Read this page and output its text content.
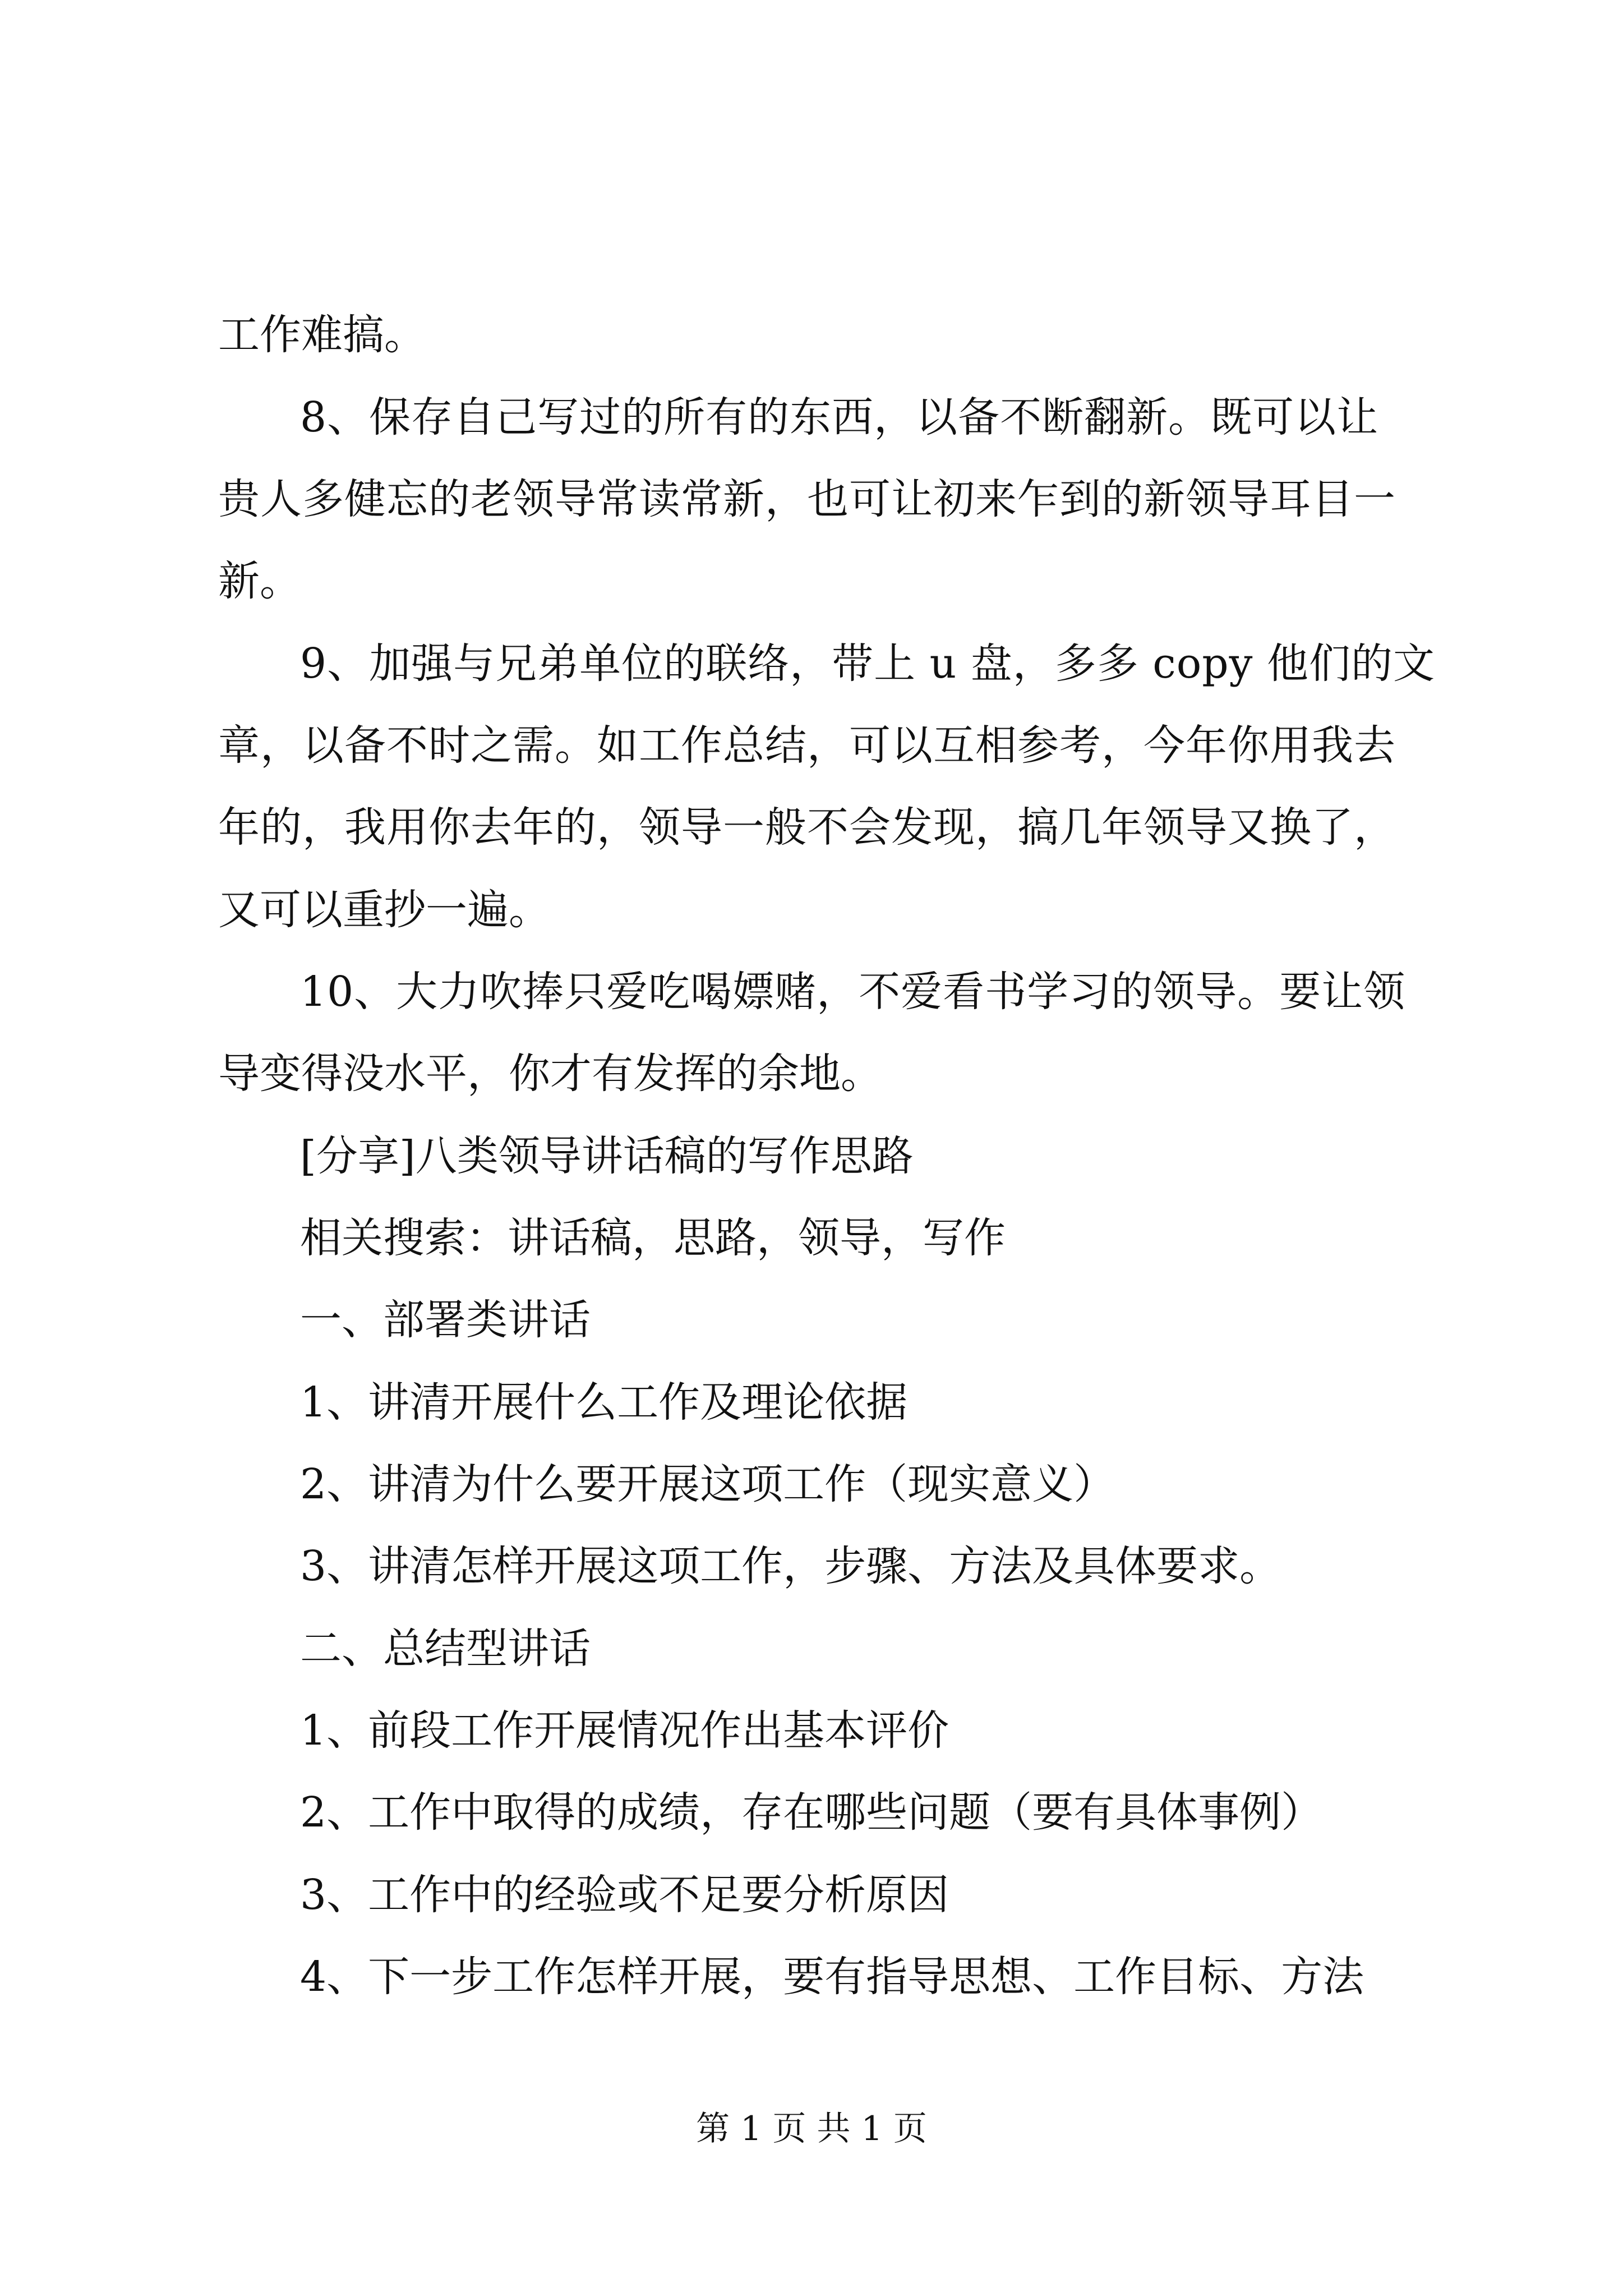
工作难搞。
8、保存自己写过的所有的东西，以备不断翻新。既可以让
贵人多健忘的老领导常读常新，也可让初来乍到的新领导耳目一
新。
9、加强与兄弟单位的联络，带上 u 盘，多多 copy 他们的文
章，以备不时之需。如工作总结，可以互相参考，今年你用我去
年的，我用你去年的，领导一般不会发现，搞几年领导又换了，
又可以重抄一遍。
10、大力吹捧只爱吃喝嫖赌，不爱看书学习的领导。要让领
导变得没水平，你才有发挥的余地。
[分享]八类领导讲话稿的写作思路
相关搜索：讲话稿，思路，领导，写作
一、部署类讲话
1、讲清开展什么工作及理论依据
2、讲清为什么要开展这项工作（现实意义）
3、讲清怎样开展这项工作，步骤、方法及具体要求。
二、总结型讲话
1、前段工作开展情况作出基本评价
2、工作中取得的成绩，存在哪些问题（要有具体事例）
3、工作中的经验或不足要分析原因
4、下一步工作怎样开展，要有指导思想、工作目标、方法
第 1 页 共 1 页
